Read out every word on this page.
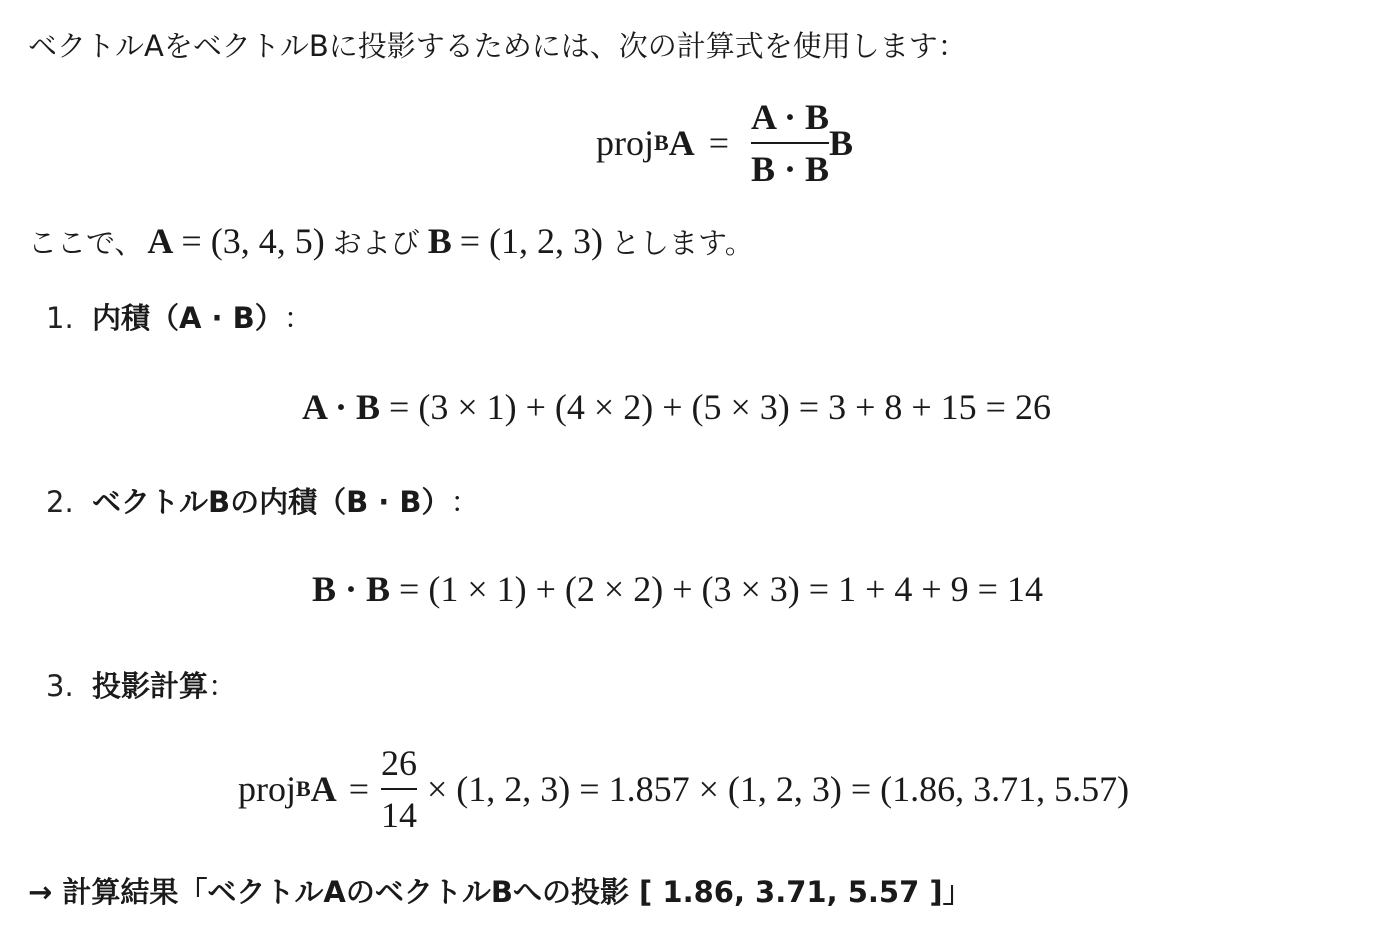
ベクトルAをベクトルBに投影するためには、次の計算式を使用します：
proj B $A = \frac{A \cdot B}{B \cdot B}$ B
ここで、 A = (3, 4, 5) および B = (1, 2, 3) とします。
1. 内積（A · B） ：
A · B = (3 × 1) + (4 × 2) + (5 × 3) = 3 + 8 + 15 = 26
2. ベクトルBの内積（B · B） ：
B · B = (1 × 1) + (2 × 2) + (3 × 3) = 1 + 4 + 9 = 14
3. 投影計算 ：
proj B $A = \frac{26}{14} \times (1$, 2, 3) = 1.857 × (1, 2, 3) = (1.86, 3.71, 5.57)
→ 計算結果「ベクトルAのベクトルBへの投影 [ 1.86, 3.71, 5.57 ]」
